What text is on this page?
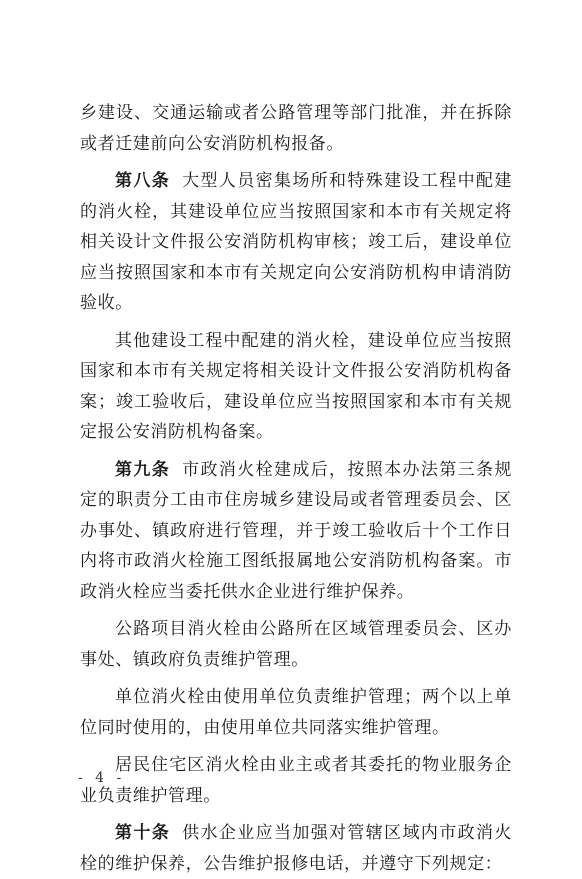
乡建设、交通运输或者公路管理等部门批准，并在拆除或者迁建前向公安消防机构报备。

第八条 大型人员密集场所和特殊建设工程中配建的消火栓，其建设单位应当按照国家和本市有关规定将相关设计文件报公安消防机构审核；竣工后，建设单位应当按照国家和本市有关规定向公安消防机构申请消防验收。

其他建设工程中配建的消火栓，建设单位应当按照国家和本市有关规定将相关设计文件报公安消防机构备案；竣工验收后，建设单位应当按照国家和本市有关规定报公安消防机构备案。

第九条 市政消火栓建成后，按照本办法第三条规定的职责分工由市住房城乡建设局或者管理委员会、区办事处、镇政府进行管理，并于竣工验收后十个工作日内将市政消火栓施工图纸报属地公安消防机构备案。市政消火栓应当委托供水企业进行维护保养。

公路项目消火栓由公路所在区域管理委员会、区办事处、镇政府负责维护管理。

单位消火栓由使用单位负责维护管理；两个以上单位同时使用的，由使用单位共同落实维护管理。

居民住宅区消火栓由业主或者其委托的物业服务企业负责维护管理。

第十条 供水企业应当加强对管辖区域内市政消火栓的维护保养，公告维护报修电话，并遵守下列规定：

- 4 -
